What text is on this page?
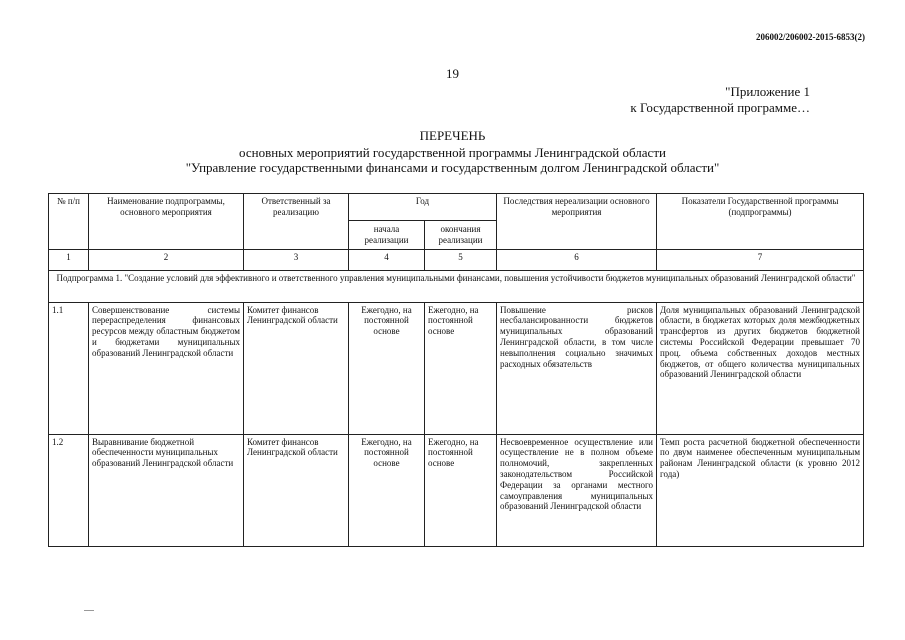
206002/206002-2015-6853(2)
19
"Приложение 1
к Государственной программе…
ПЕРЕЧЕНЬ
основных мероприятий государственной программы Ленинградской области
"Управление государственными финансами и государственным долгом Ленинградской области"
№ п/п	Наименование подпрограммы, основного мероприятия	Ответственный за реализацию	Год		Последствия нереализации основного мероприятия	Показатели Государственной программы (подпрограммы)
			начала реализации	окончания реализации		
1	2	3	4	5	6	7
Подпрограмма 1. "Создание условий для эффективного и ответственного управления муниципальными финансами, повышения устойчивости бюджетов муниципальных образований Ленинградской области"						
1.1	Совершенствование системы перераспределения финансовых ресурсов между областным бюджетом и бюджетами муниципальных образований Ленинградской области	Комитет финансов Ленинградской области	Ежегодно, на постоянной основе	Ежегодно, на постоянной основе	Повышение рисков несбалансированности бюджетов муниципальных образований Ленинградской области, в том числе невыполнения социально значимых расходных обязательств	Доля муниципальных образований Ленинградской области, в бюджетах которых доля межбюджетных трансфертов из других бюджетов бюджетной системы Российской Федерации превышает 70 проц. объема собственных доходов местных бюджетов, от общего количества муниципальных образований Ленинградской области
1.2	Выравнивание бюджетной обеспеченности муниципальных образований Ленинградской области	Комитет финансов Ленинградской области	Ежегодно, на постоянной основе	Ежегодно, на постоянной основе	Несвоевременное осуществление или осуществление не в полном объеме полномочий, закрепленных законодательством Российской Федерации за органами местного самоуправления муниципальных образований Ленинградской области	Темп роста расчетной бюджетной обеспеченности по двум наименее обеспеченным муниципальным районам Ленинградской области (к уровню 2012 года)
